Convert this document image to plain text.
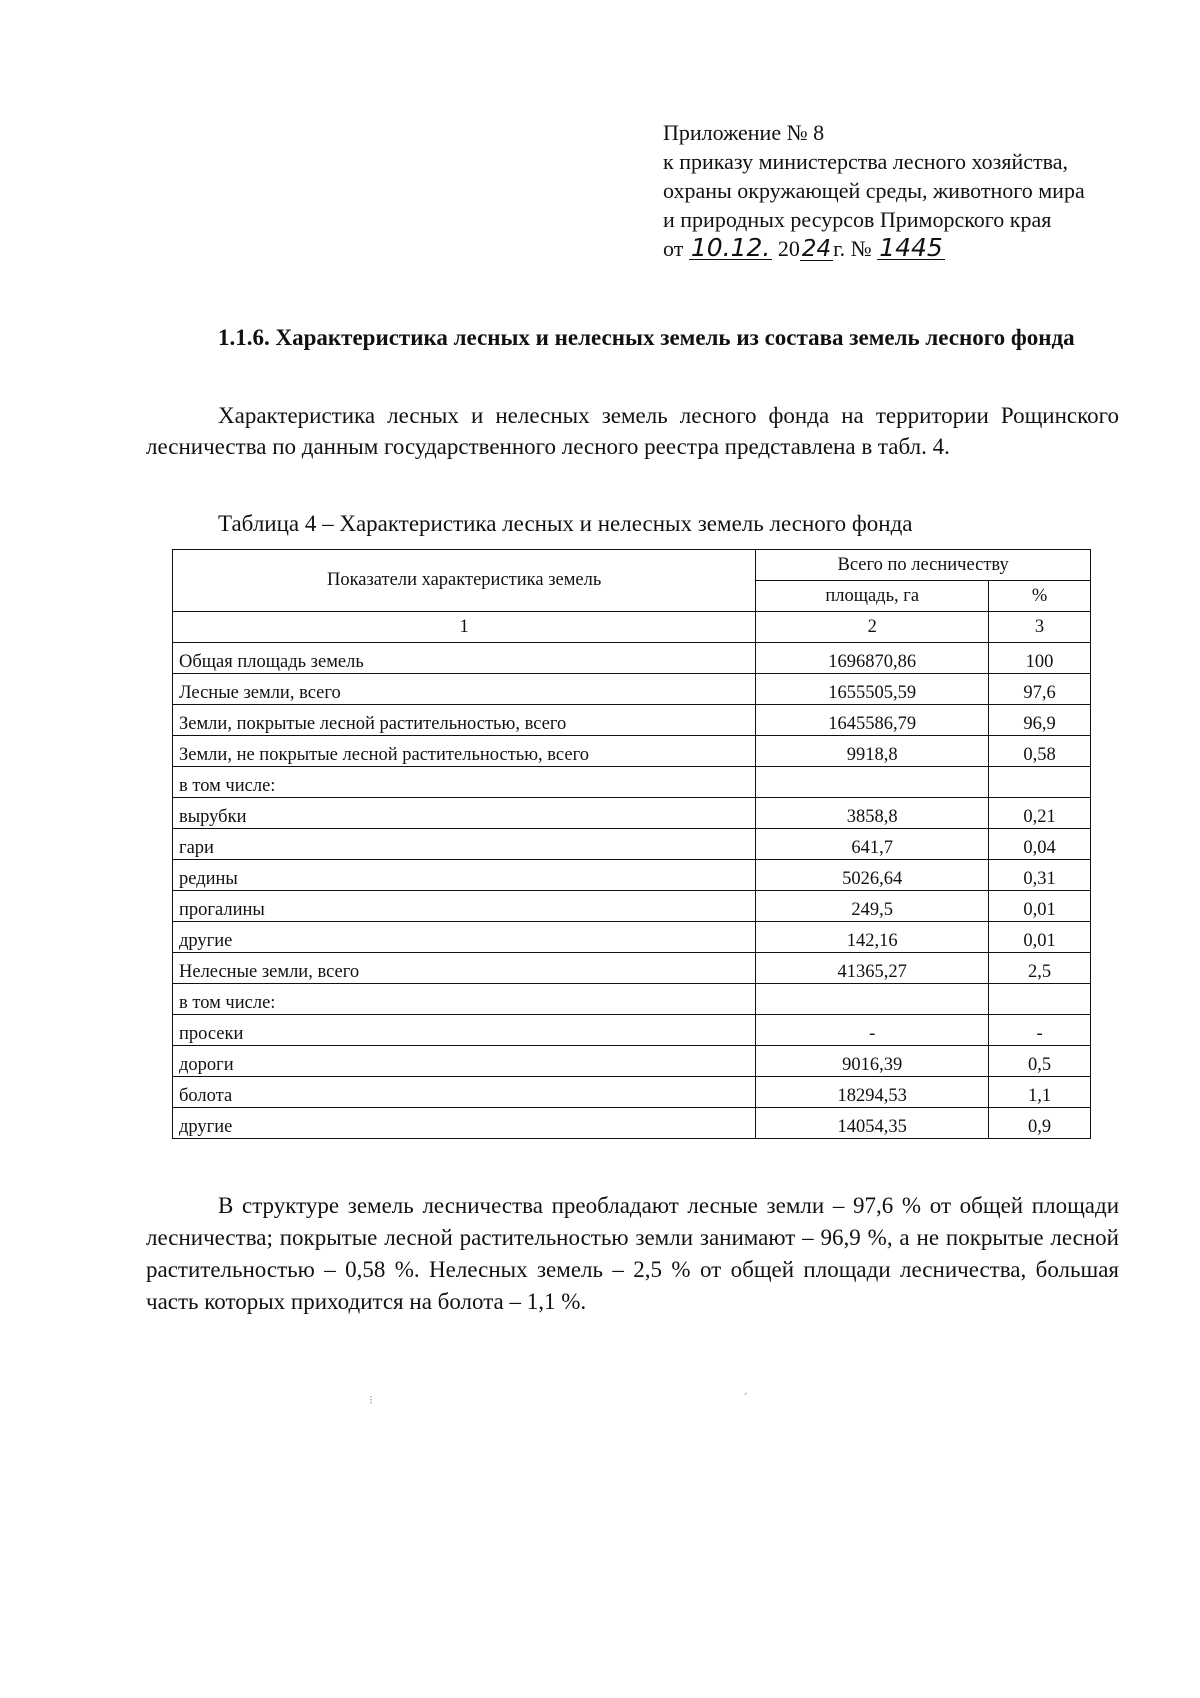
Приложение № 8
к приказу министерства лесного хозяйства,
охраны окружающей среды, животного мира
и природных ресурсов Приморского края
от 10.12. 2024г. № 1445

1.1.6. Характеристика лесных и нелесных земель из состава земель лесного фонда

Характеристика лесных и нелесных земель лесного фонда на территории Рощинского лесничества по данным государственного лесного реестра представлена в табл. 4.

Таблица 4 – Характеристика лесных и нелесных земель лесного фонда
Показатели характеристика земель	Всего по лесничеству	
	площадь, га	%
1	2	3
Общая площадь земель	1696870,86	100
Лесные земли, всего	1655505,59	97,6
Земли, покрытые лесной растительностью, всего	1645586,79	96,9
Земли, не покрытые лесной растительностью, всего	9918,8	0,58
в том числе:		
вырубки	3858,8	0,21
гари	641,7	0,04
редины	5026,64	0,31
прогалины	249,5	0,01
другие	142,16	0,01
Нелесные земли, всего	41365,27	2,5
в том числе:		
просеки	-	-
дороги	9016,39	0,5
болота	18294,53	1,1
другие	14054,35	0,9

В структуре земель лесничества преобладают лесные земли – 97,6 % от общей площади лесничества; покрытые лесной растительностью земли занимают – 96,9 %, а не покрытые лесной растительностью – 0,58 %. Нелесных земель – 2,5 % от общей площади лесничества, большая часть которых приходится на болота – 1,1 %.

⁝
ˏ
